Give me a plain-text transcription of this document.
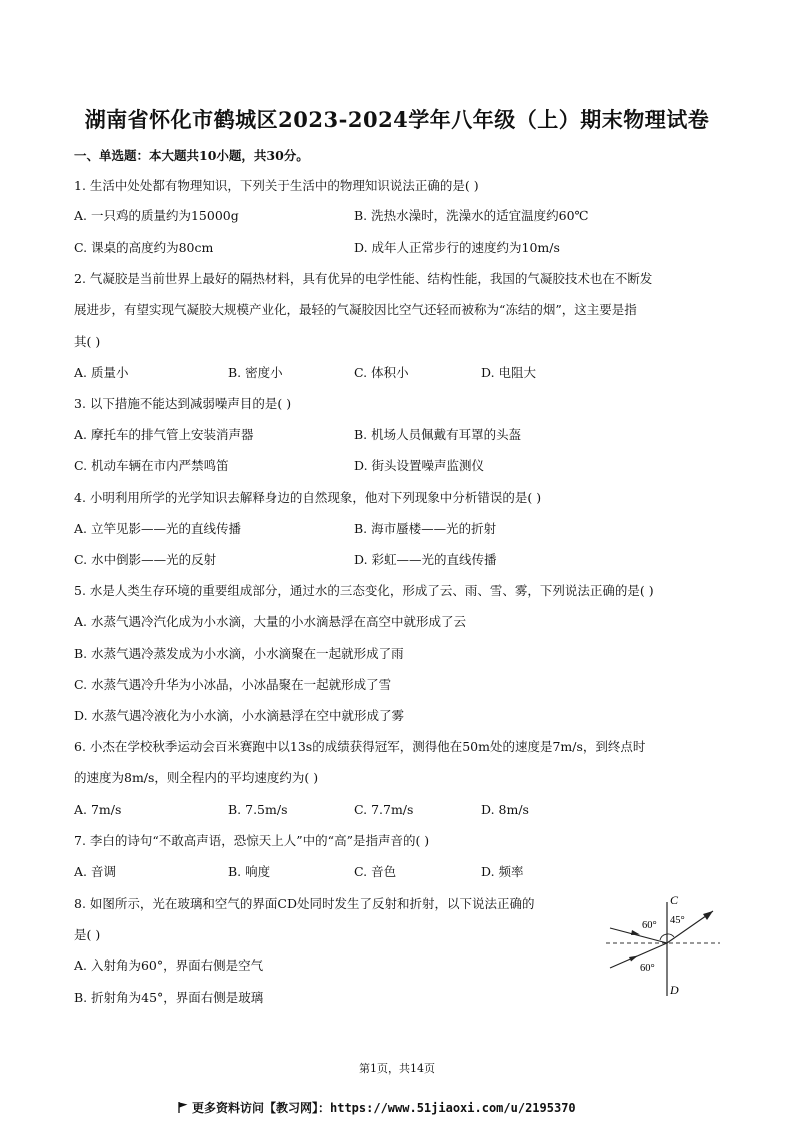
湖南省怀化市鹤城区2023-2024学年八年级（上）期末物理试卷
一、单选题：本大题共10小题，共30分。
1. 生活中处处都有物理知识，下列关于生活中的物理知识说法正确的是( )
A. 一只鸡的质量约为15000g	B. 洗热水澡时，洗澡水的适宜温度约60℃
C. 课桌的高度约为80cm	D. 成年人正常步行的速度约为10m/s
2. 气凝胶是当前世界上最好的隔热材料，具有优异的电学性能、结构性能，我国的气凝胶技术也在不断发
展进步，有望实现气凝胶大规模产业化，最轻的气凝胶因比空气还轻而被称为“冻结的烟”，这主要是指
其( )
A. 质量小	B. 密度小	C. 体积小	D. 电阻大
3. 以下措施不能达到减弱噪声目的是( )
A. 摩托车的排气管上安装消声器	B. 机场人员佩戴有耳罩的头盔
C. 机动车辆在市内严禁鸣笛	D. 街头设置噪声监测仪
4. 小明利用所学的光学知识去解释身边的自然现象，他对下列现象中分析错误的是( )
A. 立竿见影——光的直线传播	B. 海市蜃楼——光的折射
C. 水中倒影——光的反射	D. 彩虹——光的直线传播
5. 水是人类生存环境的重要组成部分，通过水的三态变化，形成了云、雨、雪、雾，下列说法正确的是( )
A. 水蒸气遇冷汽化成为小水滴，大量的小水滴悬浮在高空中就形成了云
B. 水蒸气遇冷蒸发成为小水滴，小水滴聚在一起就形成了雨
C. 水蒸气遇冷升华为小冰晶，小冰晶聚在一起就形成了雪
D. 水蒸气遇冷液化为小水滴，小水滴悬浮在空中就形成了雾
6. 小杰在学校秋季运动会百米赛跑中以13s的成绩获得冠军，测得他在50m处的速度是7m/s，到终点时
的速度为8m/s，则全程内的平均速度约为( )
A. 7m/s	B. 7.5m/s	C. 7.7m/s	D. 8m/s
7. 李白的诗句“不敢高声语，恐惊天上人”中的“高”是指声音的( )
A. 音调	B. 响度	C. 音色	D. 频率
8. 如图所示，光在玻璃和空气的界面CD处同时发生了反射和折射，以下说法正确的
是( )
A. 入射角为60°，界面右侧是空气
B. 折射角为45°，界面右侧是玻璃
C
D
60° 45°
60°
第1页，共14页
更多资料访问【教习网】：https://www.51jiaoxi.com/u/2195370
